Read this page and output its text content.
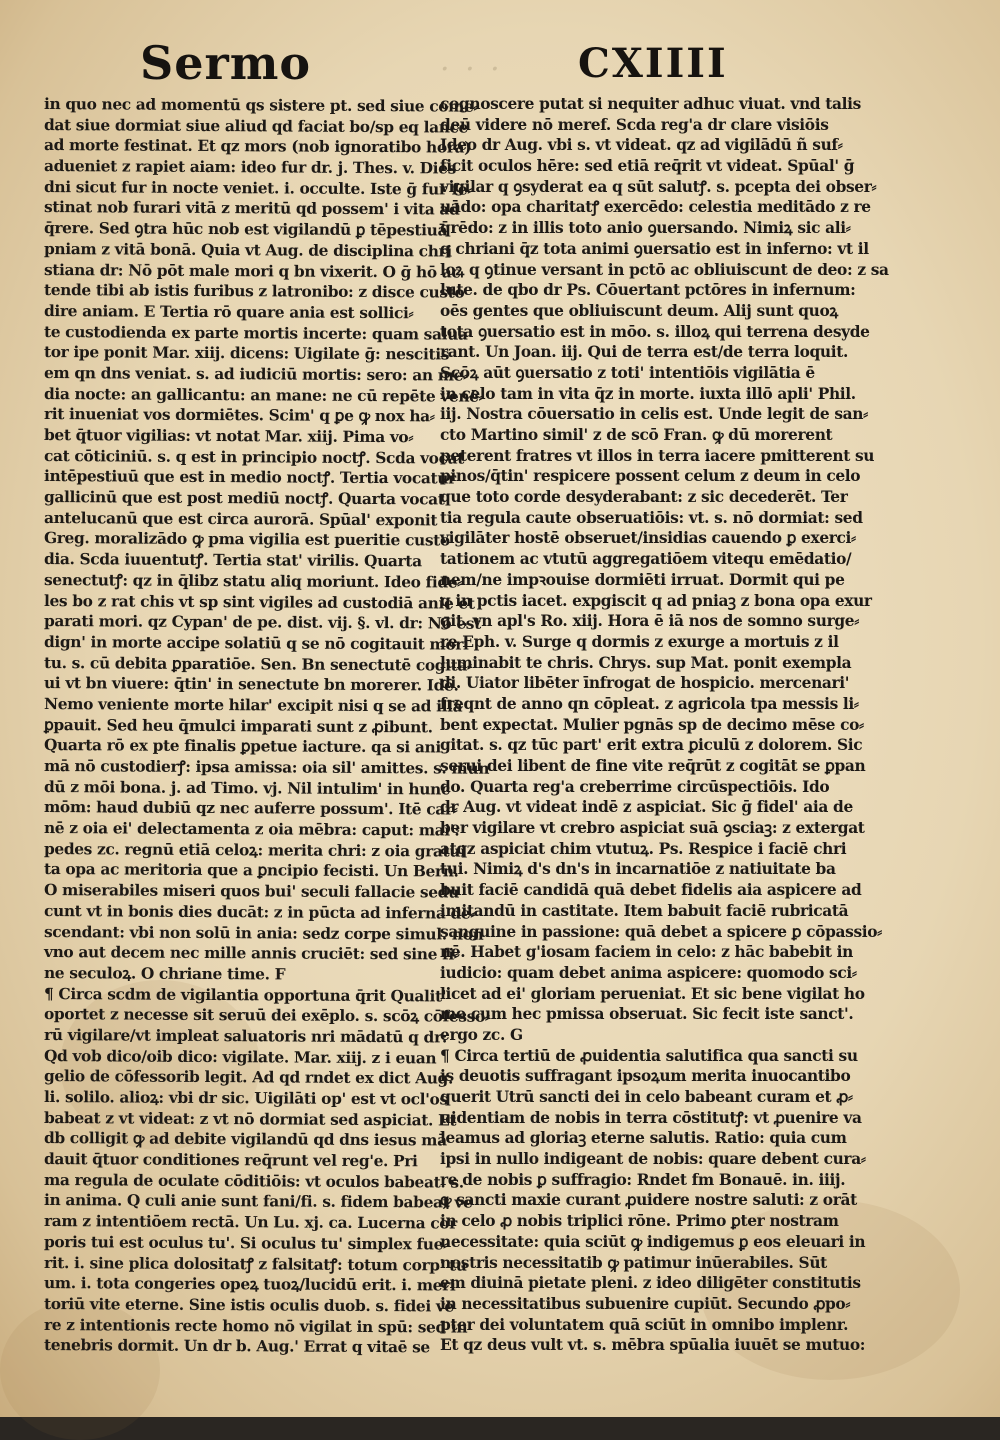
· · ·
Sermo	CXIIII
in quo nec ad momentū qs sistere pt. sed siue come⸗
dat siue dormiat siue aliud qd faciat bo/sp eq lance
ad morte festinat. Et qz mors (nob ignoratibo hora)
adueniet z rapiet aiam: ideo fur dr. j. Thes. v. Dies
dni sicut fur in nocte veniet. i. occulte. Iste ḡ fur fe⸗
stinat nob furari vitā z meritū qd possem' i vita ad
q̄rere. Sed ꝯtra hūc nob est vigilandū ꝑ tēpestiuā
pniam z vitā bonā. Quia vt Aug. de disciplina chri
stiana dr: Nō pōt male mori q bn vixerit. O ḡ hō ac
tende tibi ab istis furibus z latronibo: z disce custo
dire aniam. E Tertia rō quare ania est sollici⸗
te custodienda ex parte mortis incerte: quam salua
tor ipe ponit Mar. xiij. dicens: Uigilate ḡ: nescitis
em qn dns veniat. s. ad iudiciū mortis: sero: an me⸗
dia nocte: an gallicantu: an mane: ne cū repēte venē⸗
rit inueniat vos dormiētes. Scim' q ꝑe ꝙ nox ha⸗
bet q̄tuor vigilias: vt notat Mar. xiij. Pima vo⸗
cat cōticiniū. s. q est in principio noctꝭ. Scda vocat
intēpestiuū que est in medio noctꝭ. Tertia vocatur
gallicinū que est post mediū noctꝭ. Quarta vocat
antelucanū que est circa aurorā. Spūal' exponit
Greg. moralizādo ꝙ pma vigilia est pueritie custo
dia. Scda iuuentutꝭ. Tertia stat' virilis. Quarta
senectutꝭ: qz in q̄libz statu aliq moriunt. Ideo fide⸗
les bo z rat chis vt sp sint vigiles ad custodiā anie et
parati mori. qz Cypan' de pe. dist. vij. §. vl. dr: Nō est
dign' in morte accipe solatiū q se nō cogitauit mori
tu. s. cū debita ꝑparatiōe. Sen. Bn senectutē cogita⸗
ui vt bn viuere: q̄tin' in senectute bn morerer. Idē.
Nemo veniente morte hilar' excipit nisi q se ad illā
ꝑpauit. Sed heu q̄mulci imparati sunt z ꝓibunt.
Quarta rō ex pte finalis ꝑpetue iacture. qa si ani
mā nō custodierꝭ: ipsa amissa: oia sil' amittes. s. mun
dū z mōi bona. j. ad Timo. vj. Nil intulim' in hunc
mōm: haud dubiū qz nec auferre possum'. Itē car⸗
nē z oia ei' delectamenta z oia mēbra: caput: mai':
pedes zc. regnū etiā celoꝝ: merita chri: z oia gratui
ta opa ac meritoria que a ꝑncipio fecisti. Un Bern.
O miserabiles miseri quos bui' seculi fallacie sedu
cunt vt in bonis dies ducāt: z in pūcta ad inferna de⸗
scendant: vbi non solū in ania: sedz corpe simul. non
vno aut decem nec mille annis cruciēt: sed sine fi⸗
ne seculoꝝ. O chriane time. F
¶ Circa scdm de vigilantia opportuna q̄rit Qualit'
oportet z necesse sit seruū dei exēplo. s. scōꝝ cōfesso⸗
rū vigilare/vt impleat saluatoris nri mādatū q dr:
Qd vob dico/oib dico: vigilate. Mar. xiij. z i euan
gelio de cōfessorib legit. Ad qd rndet ex dict Aug.
li. solilo. alioꝝ: vbi dr sic. Uigilāti op' est vt ocl'os
babeat z vt videat: z vt nō dormiat sed aspiciat. Et
db colligit ꝙ ad debite vigilandū qd dns iesus mā
dauit q̄tuor conditiones req̄runt vel reg'e. Pri
ma regula de oculate cōditiōis: vt oculos babeat. s.
in anima. Q culi anie sunt fani/fi. s. fidem babeat ve
ram z intentiōem rectā. Un Lu. xj. ca. Lucerna cor
poris tui est oculus tu'. Si oculus tu' simplex fue⸗
rit. i. sine plica dolositatꝭ z falsitatꝭ: totum corp' tu
um. i. tota congeries opeꝝ tuoꝝ/lucidū erit. i. meri
toriū vite eterne. Sine istis oculis duob. s. fidei ve
re z intentionis recte homo nō vigilat in spū: sed in
tenebris dormit. Un dr b. Aug.' Errat q vitaē se
cognoscere putat si nequiter adhuc viuat. vnd talis
deū videre nō meref. Scda reg'a dr clare visiōis
Ideo dr Aug. vbi s. vt videat. qz ad vigilādū ñ suf⸗
ficit oculos hēre: sed etiā req̄rit vt videat. Spūal' ḡ
vigilar q ꝯsyderat ea q sūt salutꝭ. s. pcepta dei obser⸗
uādo: opa charitatꝭ exercēdo: celestia meditādo z re
q̄rēdo: z in illis toto anio ꝯuersando. Nimiꝝ sic ali⸗
q chriani q̄z tota animi ꝯuersatio est in inferno: vt il
loꝝ q ꝯtinue versant in pctō ac obliuiscunt de deo: z sa
lute. de qbo dr Ps. Cōuertant pctōres in infernum:
oēs gentes que obliuiscunt deum. Alij sunt quoꝝ
tota ꝯuersatio est in mōo. s. illoꝝ qui terrena desyde
rant. Un Joan. iij. Qui de terra est/de terra loquit.
Scōꝝ aūt ꝯuersatio z toti' intentiōis vigilātia ē
in celo tam in vita q̄z in morte. iuxta illō apli' Phil.
iij. Nostra cōuersatio in celis est. Unde legit de san⸗
cto Martino simil' z de scō Fran. ꝙ dū morerent
peterent fratres vt illos in terra iacere pmitterent su
pinos/q̄tin' respicere possent celum z deum in celo
que toto corde desyderabant: z sic decederēt. Ter
tia regula caute obseruatiōis: vt. s. nō dormiat: sed
vigilāter hostē obseruet/insidias cauendo ꝑ exerci⸗
tationem ac vtutū aggregatiōem vitequ emēdatio/
nem/ne impꝛouise dormiēti irruat. Dormit qui pe
q in pctis iacet. expgiscit q ad pniaꝫ z bona opa exur
git. vn apl's Ro. xiij. Hora ē iā nos de somno surge⸗
re Eph. v. Surge q dormis z exurge a mortuis z il
luminabit te chris. Chrys. sup Mat. ponit exempla
di. Uiator libēter īnfrogat de hospicio. mercenari'
freqnt de anno qn cōpleat. z agricola tpa messis li⸗
bent expectat. Mulier pgnās sp de decimo mēse co⸗
gitat. s. qz tūc part' erit extra ꝑiculū z dolorem. Sic
serui dei libent de fine vite req̄rūt z cogitāt se ꝑpan
do. Quarta reg'a creberrime circūspectiōis. Ido
dr Aug. vt videat indē z aspiciat. Sic ḡ fidel' aia de
ber vigilare vt crebro aspiciat suā ꝯsciaꝫ: z extergat
atqz aspiciat chim vtutuꝝ. Ps. Respice i faciē chri
tui. Nimiꝝ d's dn's in incarnatiōe z natiuitate ba
buit faciē candidā quā debet fidelis aia aspicere ad
imitandū in castitate. Item babuit faciē rubricatā
sanguine in passione: quā debet a spicere ꝑ cōpassio⸗
nē. Habet g'iosam faciem in celo: z hāc babebit in
iudicio: quam debet anima aspicere: quomodo sci⸗
licet ad ei' gloriam perueniat. Et sic bene vigilat ho
mo cum hec pmissa obseruat. Sic fecit iste sanct'.
ergo zc. G
¶ Circa tertiū de ꝓuidentia salutifica qua sancti su
is deuotis suffragant ipsoꝝum merita inuocantibo
querit Utrū sancti dei in celo babeant curam et ꝓ⸗
uidentiam de nobis in terra cōstitutꝭ: vt ꝓuenire va
leamus ad gloriaꝫ eterne salutis. Ratio: quia cum
ipsi in nullo indigeant de nobis: quare debent cura⸗
re de nobis ꝑ suffragio: Rndet fm Bonauē. in. iiij.
ꝙ sancti maxie curant ꝓuidere nostre saluti: z orāt
in celo ꝓ nobis triplici rōne. Primo ꝑter nostram
necessitate: quia sciūt ꝙ indigemus ꝑ eos eleuari in
nostris necessitatib ꝙ patimur inūerabiles. Sūt
em diuinā pietate pleni. z ideo diligēter constitutis
in necessitatibus subuenire cupiūt. Secundo ꝓpo⸗
pter dei voluntatem quā sciūt in omnibo implenr.
Et qz deus vult vt. s. mēbra spūalia iuuēt se mutuo:
